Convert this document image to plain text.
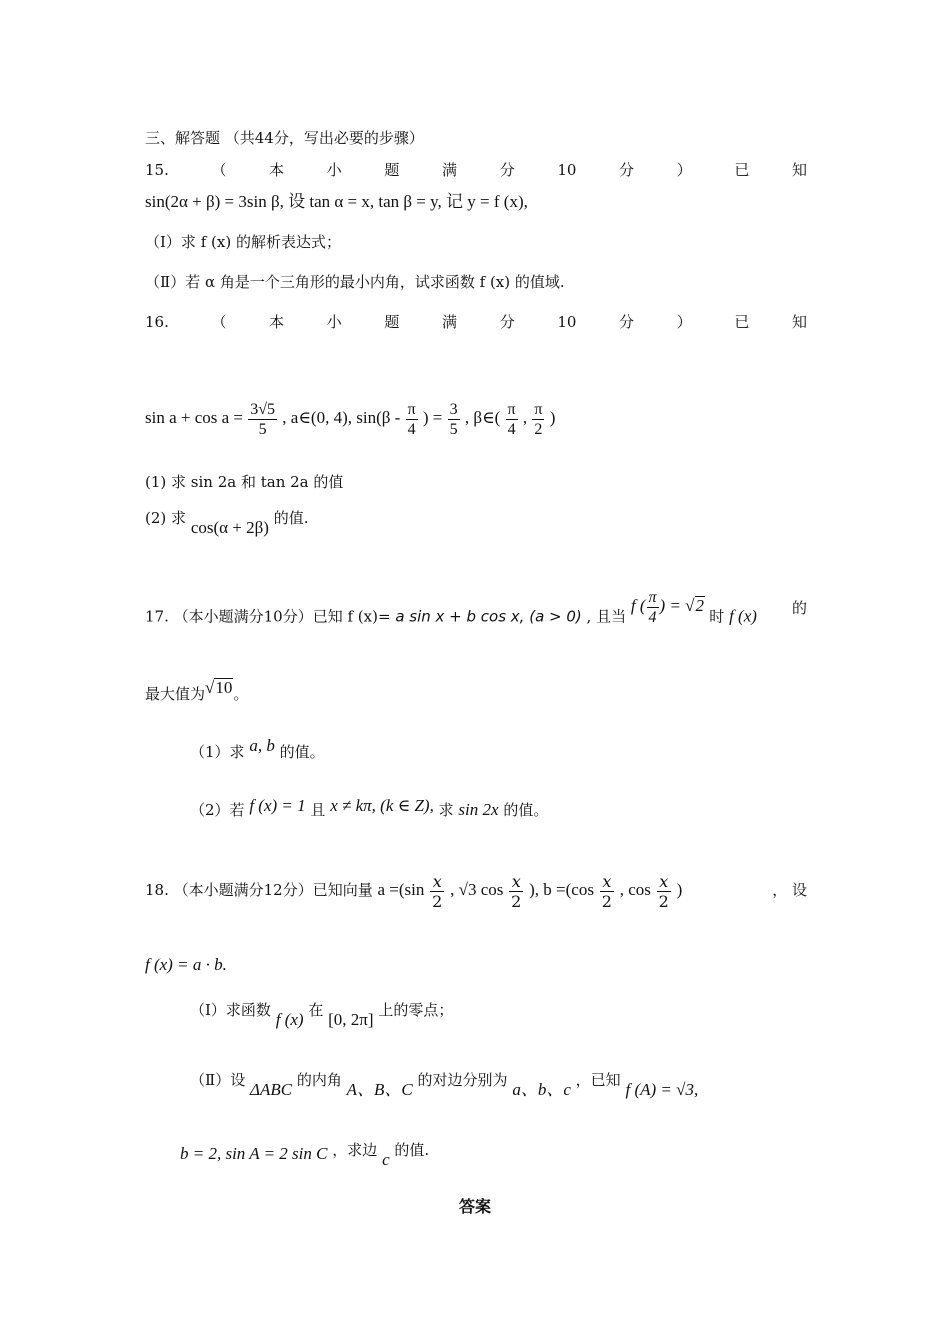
三、解答题 （共44分，写出必要的步骤）
15.	（	本	小	题	满	分	10	分	）	已	知
sin(2α + β) = 3sin β, 设 tan α = x, tan β = y, 记 y = f (x),
（Ⅰ）求 f (x) 的解析表达式；
（Ⅱ）若 α 角是一个三角形的最小内角，试求函数 f (x) 的值域.
16.	（	本	小	题	满	分	10	分	）	已	知
$\sin a + \cos a = \frac{3√5}{5}$ , a∈(0, 4), $\sin(\beta - \frac{\pi}{4}$ ) = $\frac{3}{5}$ , β∈( $\frac{\pi}{4}$ , $\frac{\pi}{2}$ )
(1) 求 sin 2a 和 tan 2a 的值
(2) 求 cos(α + 2β) 的值.
17. （本小题满分10分）已知 f (x)= a sin x + b cos x, (a > 0) , 且当 f ( $\frac{\pi}{4}$ ) = √2 时 f (x) 的
最大值为√10。
（1）求 a, b 的值。
（2）若 f (x) = 1 且 x ≠ kπ, (k ∈ Z), 求 sin 2x 的值。
18. （本小题满分12分）已知向量 $a =(\sin \frac{x}{2}$ , √3 $\cos \frac{x}{2}$ ), $b =(\cos \frac{x}{2}$ , $\cos \frac{x}{2}$ )	， 设
f (x) = a · b.
（Ⅰ）求函数 f (x) 在 [0, 2π] 上的零点；
（Ⅱ）设 ΔABC 的内角 A、B、C 的对边分别为 a、b、c ，已知 f (A) = √3,
b = 2, sin A = 2 sin C ，求边 c 的值.
答案
